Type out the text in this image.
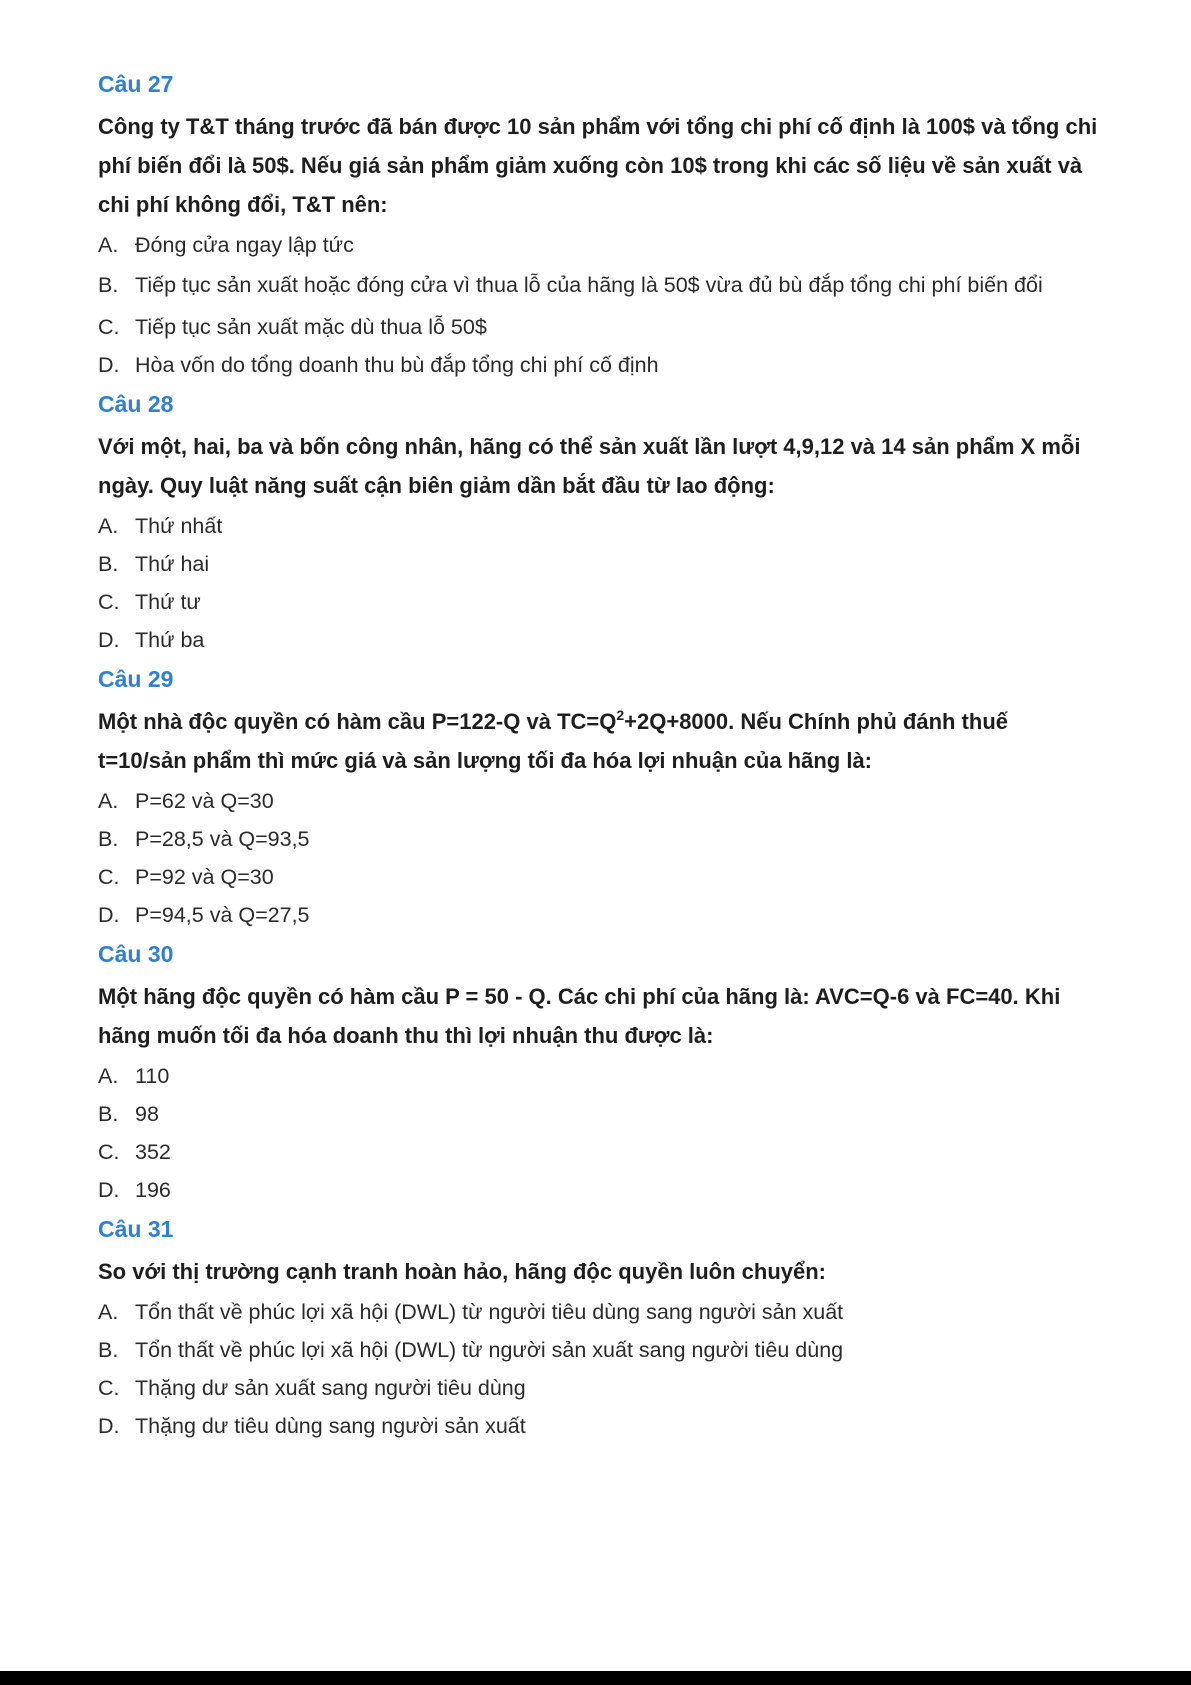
Câu 27
Công ty T&T tháng trước đã bán được 10 sản phẩm với tổng chi phí cố định là 100$ và tổng chi phí biến đổi là 50$. Nếu giá sản phẩm giảm xuống còn 10$ trong khi các số liệu về sản xuất và chi phí không đổi, T&T nên:
A. Đóng cửa ngay lập tức
B. Tiếp tục sản xuất hoặc đóng cửa vì thua lỗ của hãng là 50$ vừa đủ bù đắp tổng chi phí biến đổi
C. Tiếp tục sản xuất mặc dù thua lỗ 50$
D. Hòa vốn do tổng doanh thu bù đắp tổng chi phí cố định
Câu 28
Với một, hai, ba và bốn công nhân, hãng có thể sản xuất lần lượt 4,9,12 và 14 sản phẩm X mỗi ngày. Quy luật năng suất cận biên giảm dần bắt đầu từ lao động:
A. Thứ nhất
B. Thứ hai
C. Thứ tư
D. Thứ ba
Câu 29
Một nhà độc quyền có hàm cầu P=122-Q và $TC=Q^2+2Q+8000$. Nếu Chính phủ đánh thuế t=10/sản phẩm thì mức giá và sản lượng tối đa hóa lợi nhuận của hãng là:
A. P=62 và Q=30
B. P=28,5 và Q=93,5
C. P=92 và Q=30
D. P=94,5 và Q=27,5
Câu 30
Một hãng độc quyền có hàm cầu P = 50 - Q. Các chi phí của hãng là: AVC=Q-6 và FC=40. Khi hãng muốn tối đa hóa doanh thu thì lợi nhuận thu được là:
A. 110
B. 98
C. 352
D. 196
Câu 31
So với thị trường cạnh tranh hoàn hảo, hãng độc quyền luôn chuyển:
A. Tổn thất về phúc lợi xã hội (DWL) từ người tiêu dùng sang người sản xuất
B. Tổn thất về phúc lợi xã hội (DWL) từ người sản xuất sang người tiêu dùng
C. Thặng dư sản xuất sang người tiêu dùng
D. Thặng dư tiêu dùng sang người sản xuất
